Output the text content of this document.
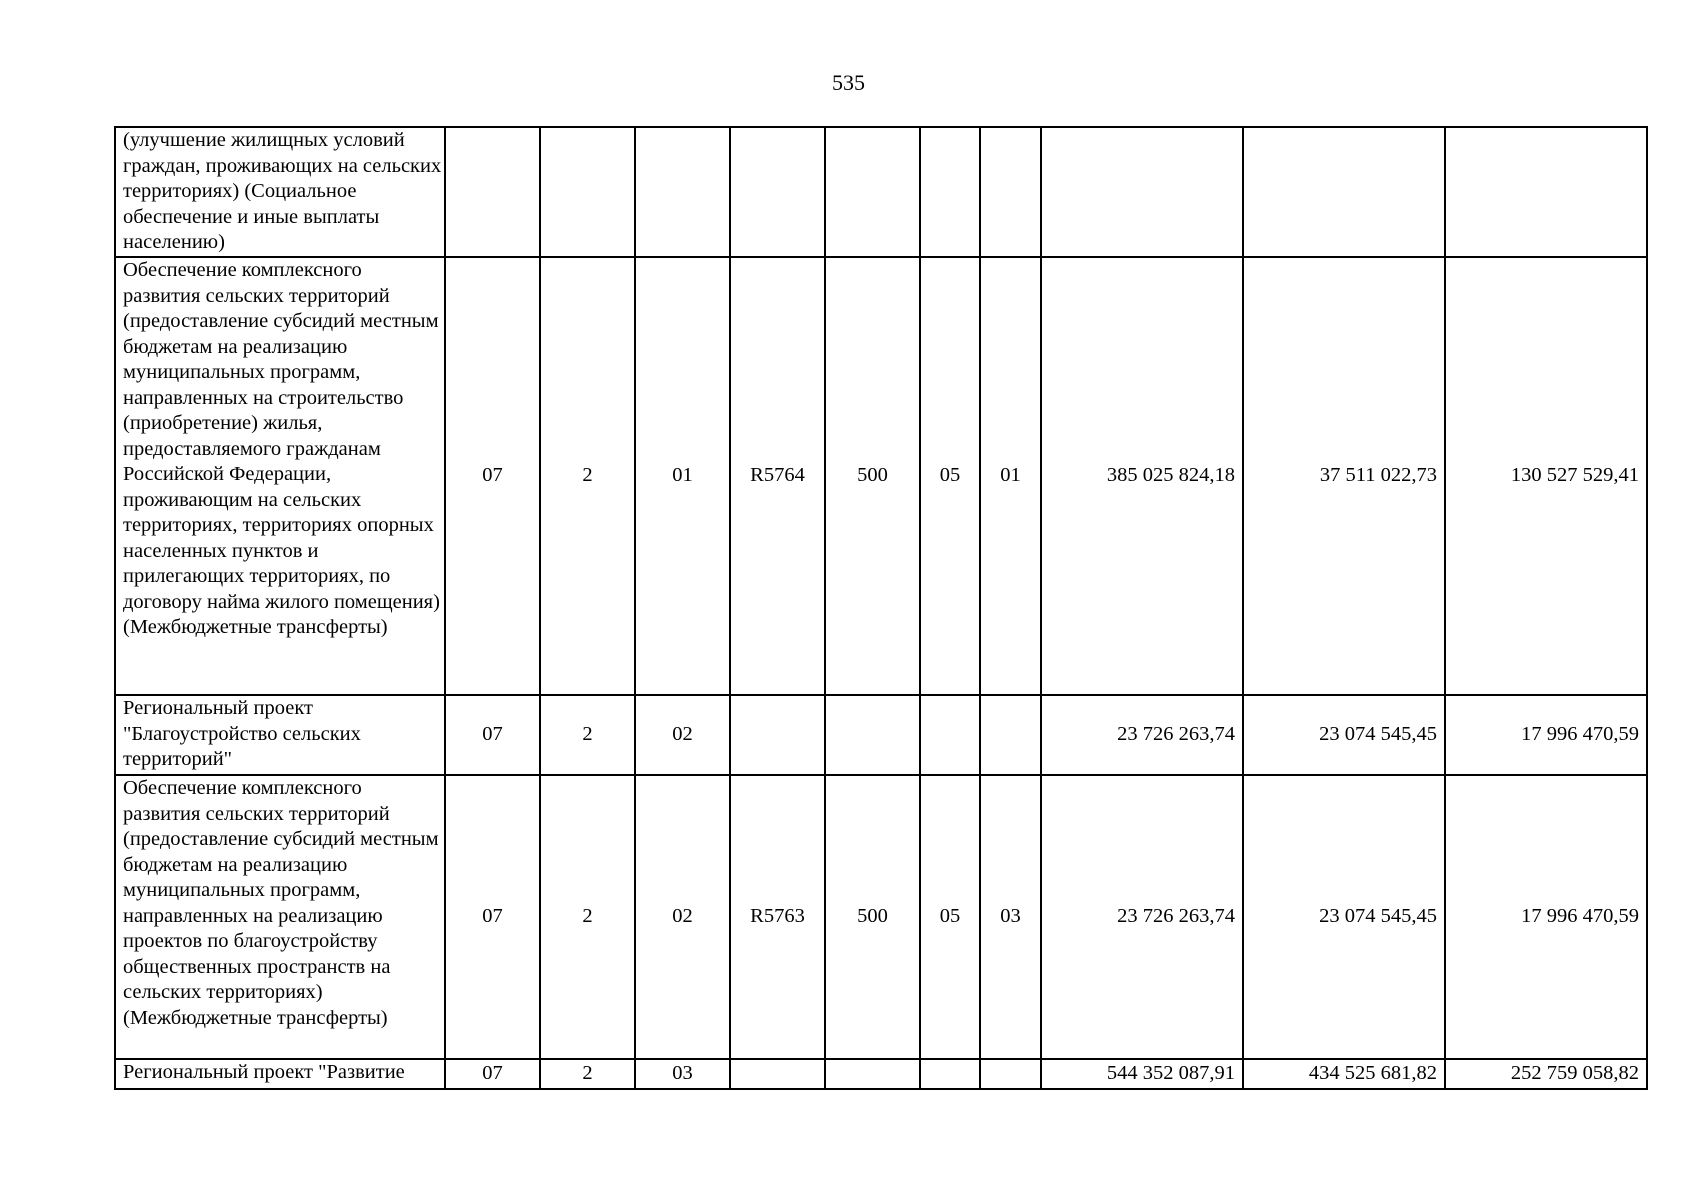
535
(улучшение жилищных условий граждан, проживающих на сельских территориях) (Социальное обеспечение и иные выплаты населению)										
Обеспечение комплексного развития сельских территорий (предоставление субсидий местным бюджетам на реализацию муниципальных программ, направленных на строительство (приобретение) жилья, предоставляемого гражданам Российской Федерации, проживающим на сельских территориях, территориях опорных населенных пунктов и прилегающих территориях, по договору найма жилого помещения) (Межбюджетные трансферты)	07	2	01	R5764	500	05	01	385 025 824,18	37 511 022,73	130 527 529,41
Региональный проект "Благоустройство сельских территорий"	07	2	02					23 726 263,74	23 074 545,45	17 996 470,59
Обеспечение комплексного развития сельских территорий (предоставление субсидий местным бюджетам на реализацию муниципальных программ, направленных на реализацию проектов по благоустройству общественных пространств на сельских территориях) (Межбюджетные трансферты)	07	2	02	R5763	500	05	03	23 726 263,74	23 074 545,45	17 996 470,59
Региональный проект "Развитие	07	2	03					544 352 087,91	434 525 681,82	252 759 058,82
